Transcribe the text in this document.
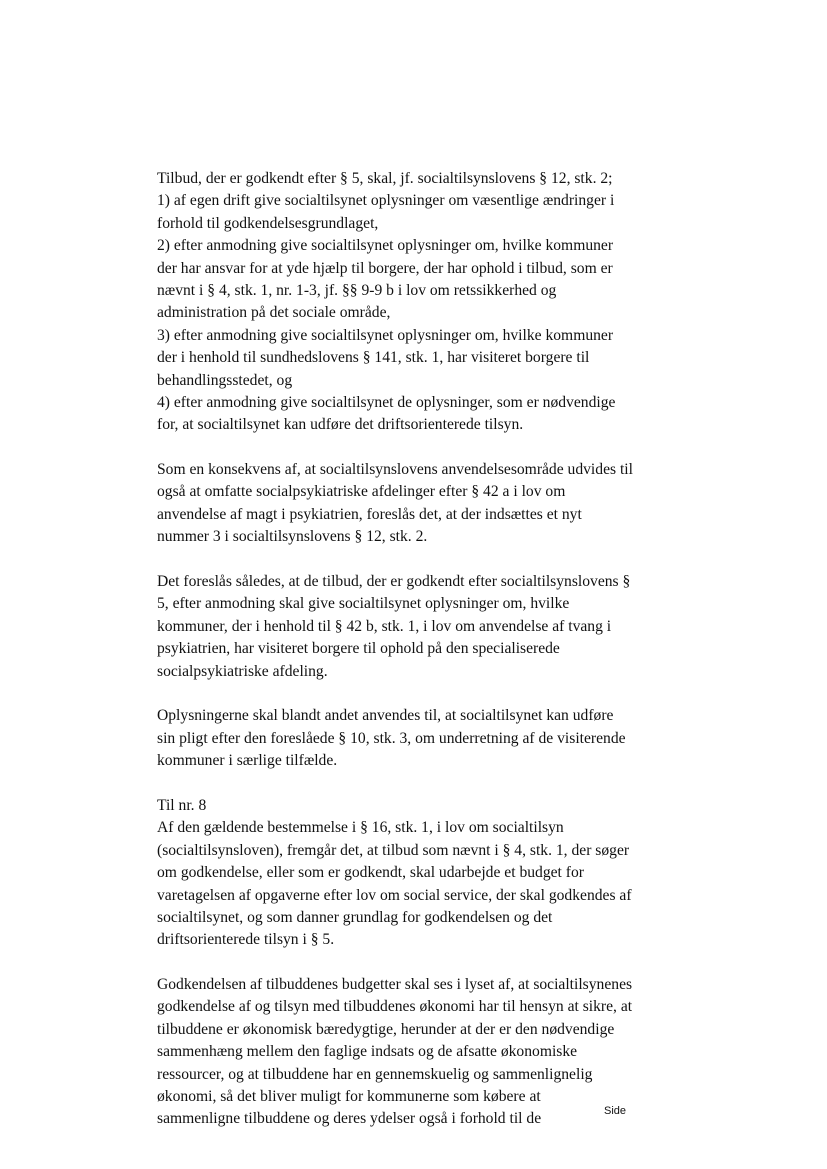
Tilbud, der er godkendt efter § 5, skal, jf. socialtilsynslovens § 12, stk. 2;
1) af egen drift give socialtilsynet oplysninger om væsentlige ændringer i
forhold til godkendelsesgrundlaget,
2) efter anmodning give socialtilsynet oplysninger om, hvilke kommuner
der har ansvar for at yde hjælp til borgere, der har ophold i tilbud, som er
nævnt i § 4, stk. 1, nr. 1-3, jf. §§ 9-9 b i lov om retssikkerhed og
administration på det sociale område,
3) efter anmodning give socialtilsynet oplysninger om, hvilke kommuner
der i henhold til sundhedslovens § 141, stk. 1, har visiteret borgere til
behandlingsstedet, og
4) efter anmodning give socialtilsynet de oplysninger, som er nødvendige
for, at socialtilsynet kan udføre det driftsorienterede tilsyn.
Som en konsekvens af, at socialtilsynslovens anvendelsesområde udvides til
også at omfatte socialpsykiatriske afdelinger efter § 42 a i lov om
anvendelse af magt i psykiatrien, foreslås det, at der indsættes et nyt
nummer 3 i socialtilsynslovens § 12, stk. 2.
Det foreslås således, at de tilbud, der er godkendt efter socialtilsynslovens §
5, efter anmodning skal give socialtilsynet oplysninger om, hvilke
kommuner, der i henhold til § 42 b, stk. 1, i lov om anvendelse af tvang i
psykiatrien, har visiteret borgere til ophold på den specialiserede
socialpsykiatriske afdeling.
Oplysningerne skal blandt andet anvendes til, at socialtilsynet kan udføre
sin pligt efter den foreslåede § 10, stk. 3, om underretning af de visiterende
kommuner i særlige tilfælde.
Til nr. 8
Af den gældende bestemmelse i § 16, stk. 1, i lov om socialtilsyn
(socialtilsynsloven), fremgår det, at tilbud som nævnt i § 4, stk. 1, der søger
om godkendelse, eller som er godkendt, skal udarbejde et budget for
varetagelsen af opgaverne efter lov om social service, der skal godkendes af
socialtilsynet, og som danner grundlag for godkendelsen og det
driftsorienterede tilsyn i § 5.
Godkendelsen af tilbuddenes budgetter skal ses i lyset af, at socialtilsynenes
godkendelse af og tilsyn med tilbuddenes økonomi har til hensyn at sikre, at
tilbuddene er økonomisk bæredygtige, herunder at der er den nødvendige
sammenhæng mellem den faglige indsats og de afsatte økonomiske
ressourcer, og at tilbuddene har en gennemskuelig og sammenlignelig
økonomi, så det bliver muligt for kommunerne som købere at
sammenligne tilbuddene og deres ydelser også i forhold til de	Side
